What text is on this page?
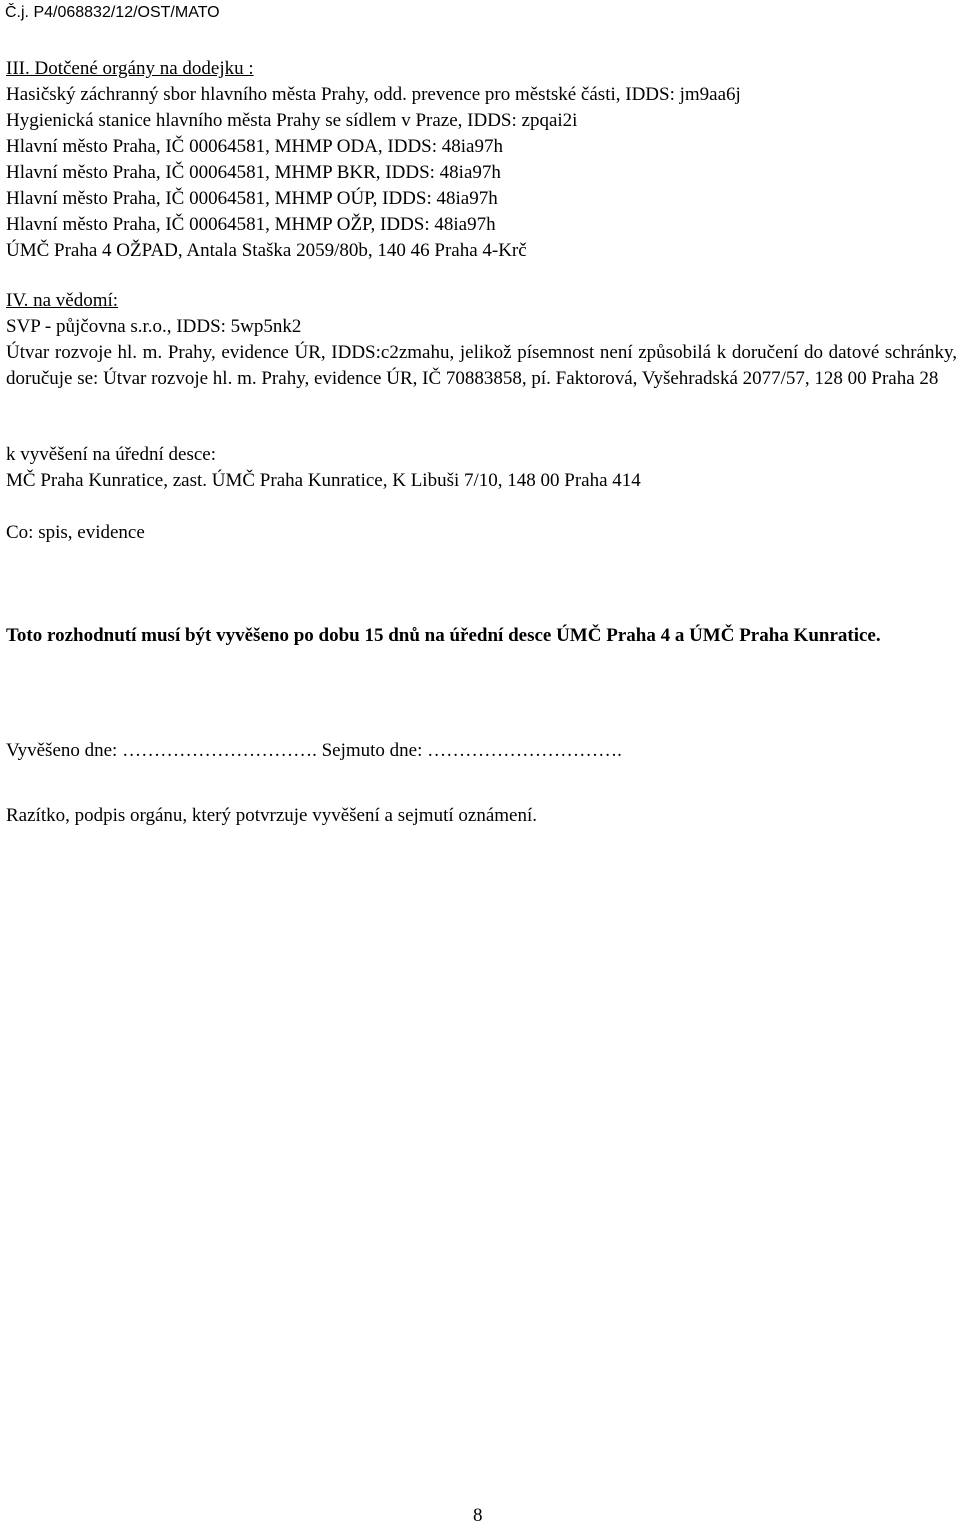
Č.j. P4/068832/12/OST/MATO

III. Dotčené orgány na dodejku :

Hasičský záchranný sbor hlavního města Prahy, odd. prevence pro městské části, IDDS: jm9aa6j

Hygienická stanice hlavního města Prahy se sídlem v Praze, IDDS: zpqai2i

Hlavní město Praha, IČ 00064581, MHMP ODA, IDDS: 48ia97h

Hlavní město Praha, IČ 00064581, MHMP BKR, IDDS: 48ia97h

Hlavní město Praha, IČ 00064581, MHMP OÚP, IDDS: 48ia97h

Hlavní město Praha, IČ 00064581, MHMP OŽP, IDDS: 48ia97h

ÚMČ Praha 4 OŽPAD, Antala Staška 2059/80b, 140 46 Praha 4-Krč

IV. na vědomí:

SVP - půjčovna s.r.o., IDDS: 5wp5nk2

Útvar rozvoje hl. m. Prahy, evidence ÚR, IDDS:c2zmahu, jelikož písemnost není způsobilá k doručení do datové schránky, doručuje se: Útvar rozvoje hl. m. Prahy, evidence ÚR, IČ 70883858, pí. Faktorová, Vyšehradská 2077/57, 128 00 Praha 28

k vyvěšení na úřední desce:

MČ Praha Kunratice, zast. ÚMČ Praha Kunratice, K Libuši 7/10, 148 00 Praha 414

Co: spis, evidence

Toto rozhodnutí musí být vyvěšeno po dobu 15 dnů na úřední desce ÚMČ Praha 4 a ÚMČ Praha Kunratice.

Vyvěšeno dne: …………………………. Sejmuto dne: ………………………….

Razítko, podpis orgánu, který potvrzuje vyvěšení a sejmutí oznámení.

8
